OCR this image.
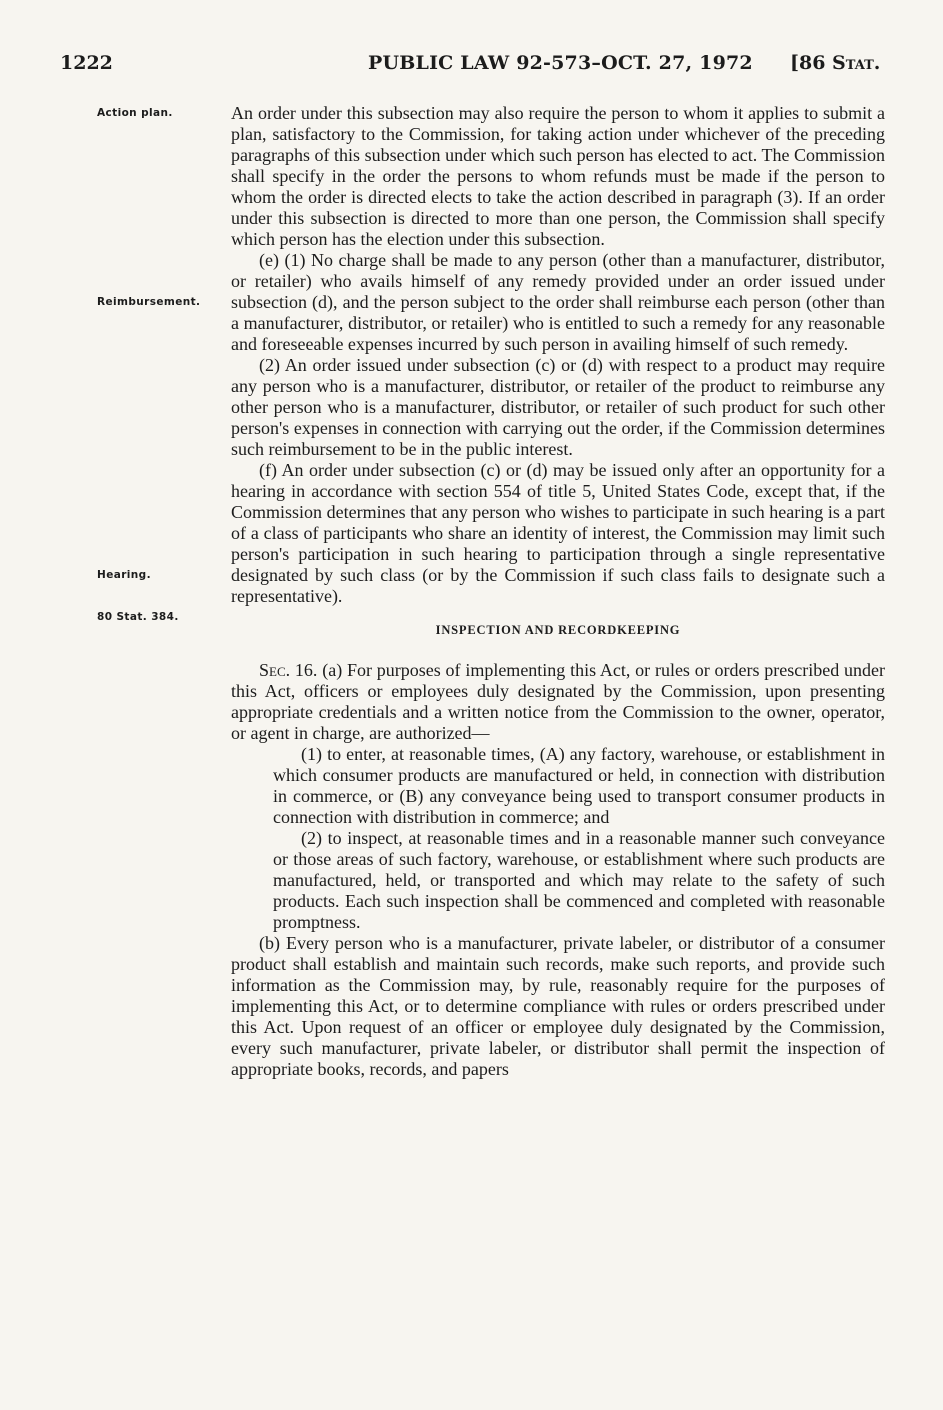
1222	PUBLIC LAW 92-573–OCT. 27, 1972 [86 Stat.
Action plan.
Reimbursement.
Hearing.
80 Stat. 384.

An order under this subsection may also require the person to whom it applies to submit a plan, satisfactory to the Commission, for taking action under whichever of the preceding paragraphs of this subsection under which such person has elected to act. The Commission shall specify in the order the persons to whom refunds must be made if the person to whom the order is directed elects to take the action described in paragraph (3). If an order under this subsection is directed to more than one person, the Commission shall specify which person has the election under this subsection.

(e) (1) No charge shall be made to any person (other than a manufacturer, distributor, or retailer) who avails himself of any remedy provided under an order issued under subsection (d), and the person subject to the order shall reimburse each person (other than a manufacturer, distributor, or retailer) who is entitled to such a remedy for any reasonable and foreseeable expenses incurred by such person in availing himself of such remedy.

(2) An order issued under subsection (c) or (d) with respect to a product may require any person who is a manufacturer, distributor, or retailer of the product to reimburse any other person who is a manufacturer, distributor, or retailer of such product for such other person's expenses in connection with carrying out the order, if the Commission determines such reimbursement to be in the public interest.

(f) An order under subsection (c) or (d) may be issued only after an opportunity for a hearing in accordance with section 554 of title 5, United States Code, except that, if the Commission determines that any person who wishes to participate in such hearing is a part of a class of participants who share an identity of interest, the Commission may limit such person's participation in such hearing to participation through a single representative designated by such class (or by the Commission if such class fails to designate such a representative).

INSPECTION AND RECORDKEEPING

Sec. 16. (a) For purposes of implementing this Act, or rules or orders prescribed under this Act, officers or employees duly designated by the Commission, upon presenting appropriate credentials and a written notice from the Commission to the owner, operator, or agent in charge, are authorized—

(1) to enter, at reasonable times, (A) any factory, warehouse, or establishment in which consumer products are manufactured or held, in connection with distribution in commerce, or (B) any conveyance being used to transport consumer products in connection with distribution in commerce; and

(2) to inspect, at reasonable times and in a reasonable manner such conveyance or those areas of such factory, warehouse, or establishment where such products are manufactured, held, or transported and which may relate to the safety of such products. Each such inspection shall be commenced and completed with reasonable promptness.

(b) Every person who is a manufacturer, private labeler, or distributor of a consumer product shall establish and maintain such records, make such reports, and provide such information as the Commission may, by rule, reasonably require for the purposes of implementing this Act, or to determine compliance with rules or orders prescribed under this Act. Upon request of an officer or employee duly designated by the Commission, every such manufacturer, private labeler, or distributor shall permit the inspection of appropriate books, records, and papers
